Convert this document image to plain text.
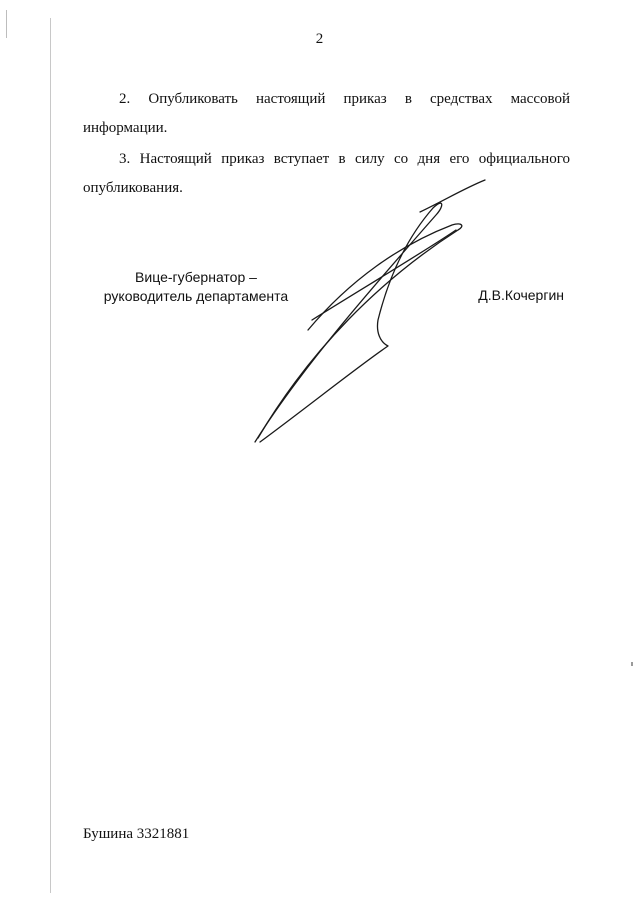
2

2. Опубликовать настоящий приказ в средствах массовой

информации.

3. Настоящий приказ вступает в силу со дня его официального

опубликования.

Вице-губернатор –
руководитель департамента	Д.В.Кочергин
Бушина 3321881
